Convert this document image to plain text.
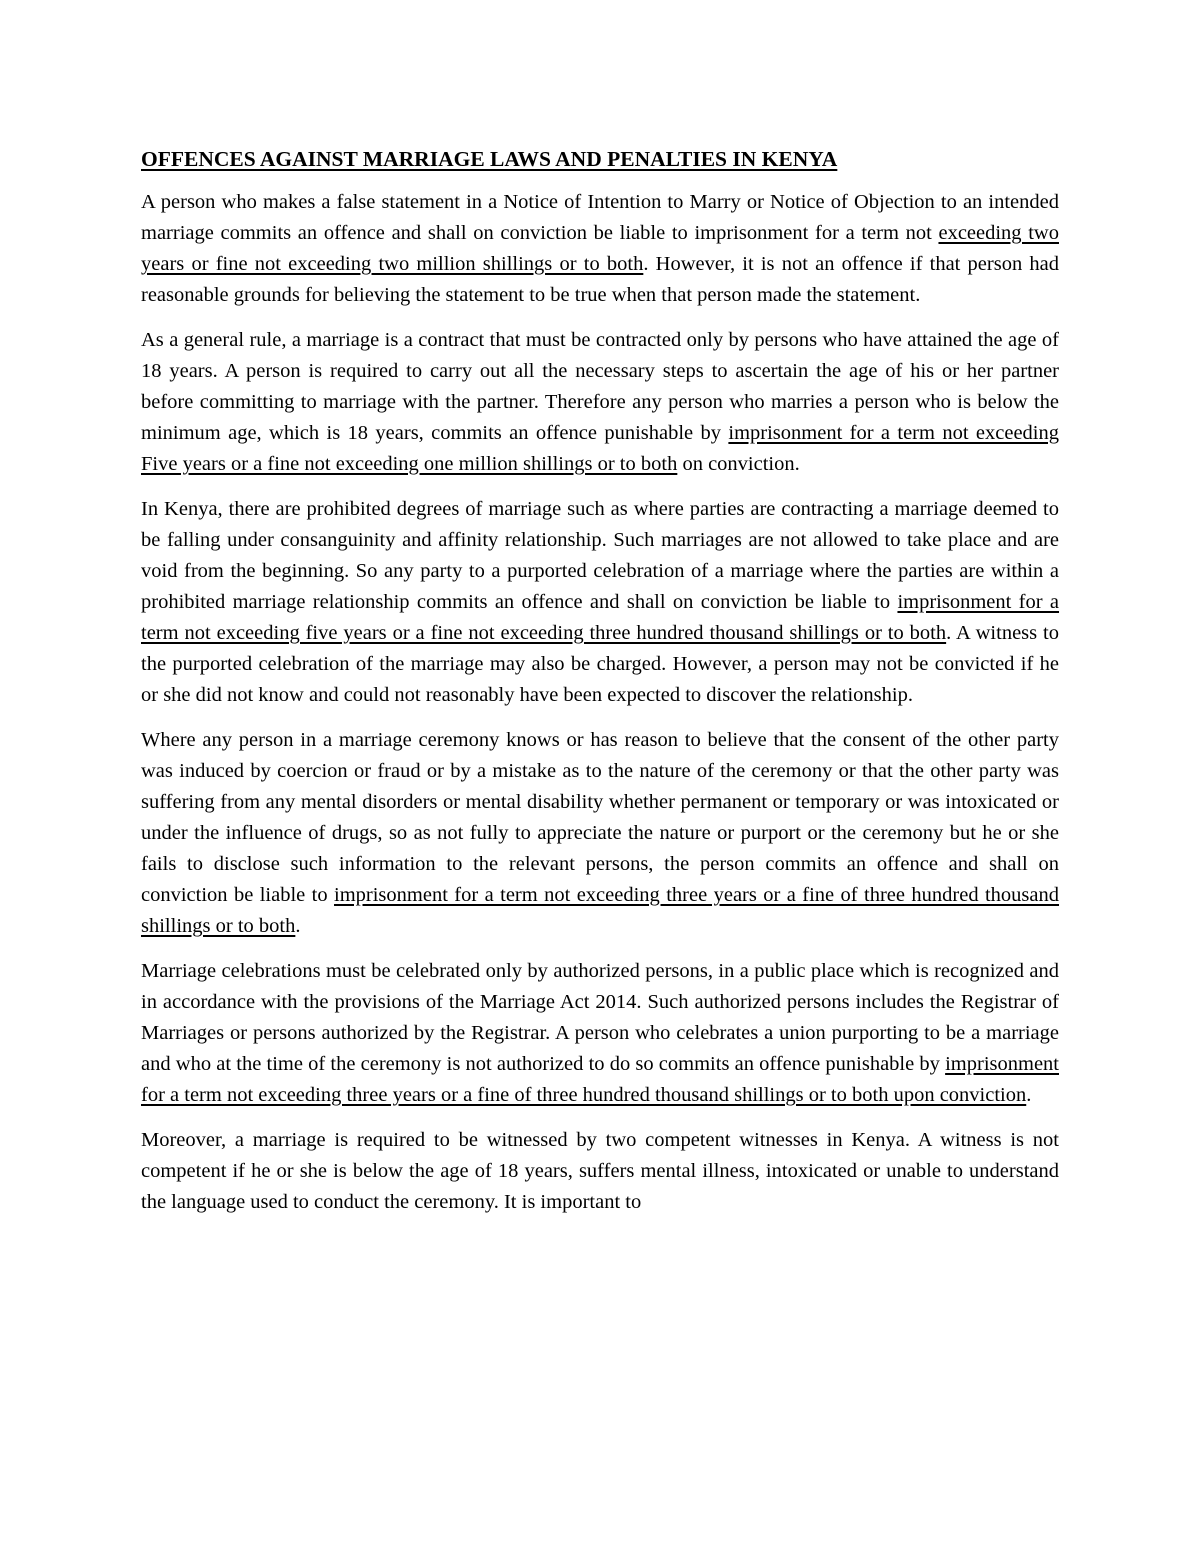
OFFENCES AGAINST MARRIAGE LAWS AND PENALTIES IN KENYA

A person who makes a false statement in a Notice of Intention to Marry or Notice of Objection to an intended marriage commits an offence and shall on conviction be liable to imprisonment for a term not exceeding two years or fine not exceeding two million shillings or to both. However, it is not an offence if that person had reasonable grounds for believing the statement to be true when that person made the statement.

As a general rule, a marriage is a contract that must be contracted only by persons who have attained the age of 18 years. A person is required to carry out all the necessary steps to ascertain the age of his or her partner before committing to marriage with the partner. Therefore any person who marries a person who is below the minimum age, which is 18 years, commits an offence punishable by imprisonment for a term not exceeding Five years or a fine not exceeding one million shillings or to both on conviction.

In Kenya, there are prohibited degrees of marriage such as where parties are contracting a marriage deemed to be falling under consanguinity and affinity relationship. Such marriages are not allowed to take place and are void from the beginning. So any party to a purported celebration of a marriage where the parties are within a prohibited marriage relationship commits an offence and shall on conviction be liable to imprisonment for a term not exceeding five years or a fine not exceeding three hundred thousand shillings or to both. A witness to the purported celebration of the marriage may also be charged. However, a person may not be convicted if he or she did not know and could not reasonably have been expected to discover the relationship.

Where any person in a marriage ceremony knows or has reason to believe that the consent of the other party was induced by coercion or fraud or by a mistake as to the nature of the ceremony or that the other party was suffering from any mental disorders or mental disability whether permanent or temporary or was intoxicated or under the influence of drugs, so as not fully to appreciate the nature or purport or the ceremony but he or she fails to disclose such information to the relevant persons, the person commits an offence and shall on conviction be liable to imprisonment for a term not exceeding three years or a fine of three hundred thousand shillings or to both.

Marriage celebrations must be celebrated only by authorized persons, in a public place which is recognized and in accordance with the provisions of the Marriage Act 2014. Such authorized persons includes the Registrar of Marriages or persons authorized by the Registrar. A person who celebrates a union purporting to be a marriage and who at the time of the ceremony is not authorized to do so commits an offence punishable by imprisonment for a term not exceeding three years or a fine of three hundred thousand shillings or to both upon conviction.

Moreover, a marriage is required to be witnessed by two competent witnesses in Kenya. A witness is not competent if he or she is below the age of 18 years, suffers mental illness, intoxicated or unable to understand the language used to conduct the ceremony. It is important to
